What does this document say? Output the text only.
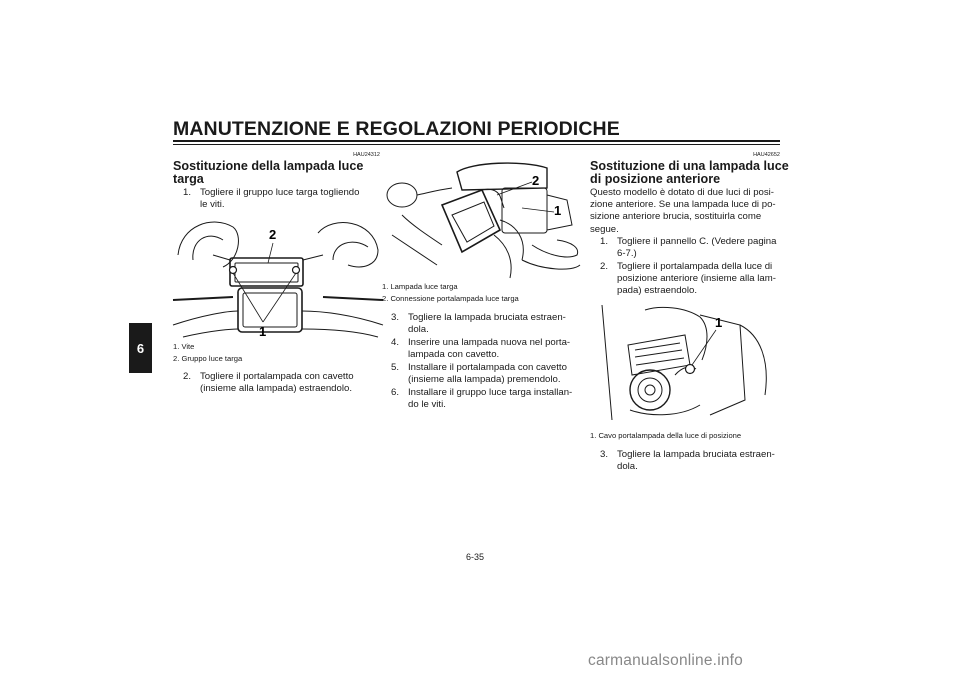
MANUTENZIONE E REGOLAZIONI PERIODICHE
6
HAU24312
Sostituzione della lampada luce
targa
1. Togliere il gruppo luce targa togliendo
le viti.
2
1
1. Vite
2. Gruppo luce targa
2. Togliere il portalampada con cavetto
(insieme alla lampada) estraendolo.
2
1
1. Lampada luce targa
2. Connessione portalampada luce targa
3. Togliere la lampada bruciata estraen-
dola.
4. Inserire una lampada nuova nel porta-
lampada con cavetto.
5. Installare il portalampada con cavetto
(insieme alla lampada) premendolo.
6. Installare il gruppo luce targa installan-
do le viti.
HAU42652
Sostituzione di una lampada luce
di posizione anteriore
Questo modello è dotato di due luci di posi-
zione anteriore. Se una lampada luce di po-
sizione anteriore brucia, sostituirla come
segue.
1. Togliere il pannello C. (Vedere pagina
6-7.)
2. Togliere il portalampada della luce di
posizione anteriore (insieme alla lam-
pada) estraendolo.
1
1. Cavo portalampada della luce di posizione
3. Togliere la lampada bruciata estraen-
dola.
6-35
carmanualsonline.info
